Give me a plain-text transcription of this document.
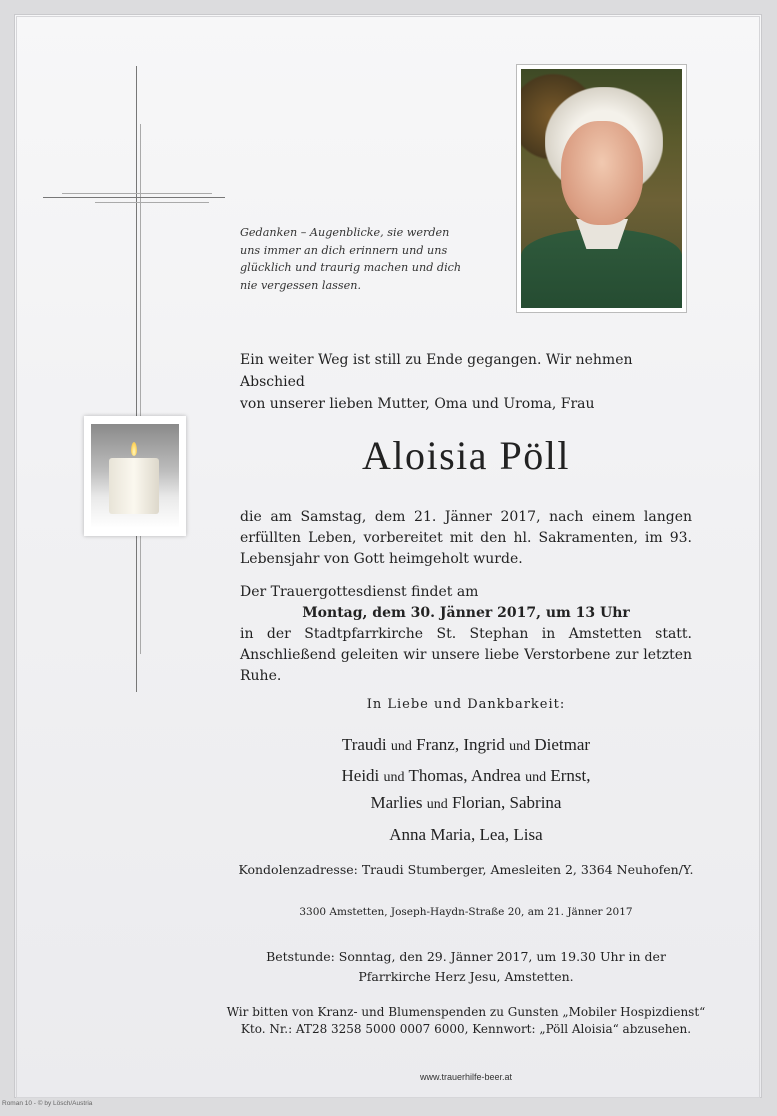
Gedanken – Augenblicke, sie werden
uns immer an dich erinnern und uns
glücklich und traurig machen und dich
nie vergessen lassen.
Ein weiter Weg ist still zu Ende gegangen. Wir nehmen Abschied
von unserer lieben Mutter, Oma und Uroma, Frau
Aloisia Pöll
die am Samstag, dem 21. Jänner 2017, nach einem langen erfüllten Leben, vorbereitet mit den hl. Sakramenten, im 93. Lebensjahr von Gott heimgeholt wurde.
Der Trauergottesdienst findet am
Montag, dem 30. Jänner 2017, um 13 Uhr
in der Stadtpfarrkirche St. Stephan in Amstetten statt. Anschließend geleiten wir unsere liebe Verstorbene zur letzten Ruhe.
In Liebe und Dankbarkeit:
Traudi und Franz, Ingrid und Dietmar
Heidi und Thomas, Andrea und Ernst,
Marlies und Florian, Sabrina
Anna Maria, Lea, Lisa
Kondolenzadresse: Traudi Stumberger, Amesleiten 2, 3364 Neuhofen/Y.
3300 Amstetten, Joseph-Haydn-Straße 20, am 21. Jänner 2017
Betstunde: Sonntag, den 29. Jänner 2017, um 19.30 Uhr in der
Pfarrkirche Herz Jesu, Amstetten.
Wir bitten von Kranz- und Blumenspenden zu Gunsten „Mobiler Hospizdienst“
Kto. Nr.: AT28 3258 5000 0007 6000, Kennwort: „Pöll Aloisia“ abzusehen.
www.trauerhilfe-beer.at
Roman 10 - © by Lösch/Austria
